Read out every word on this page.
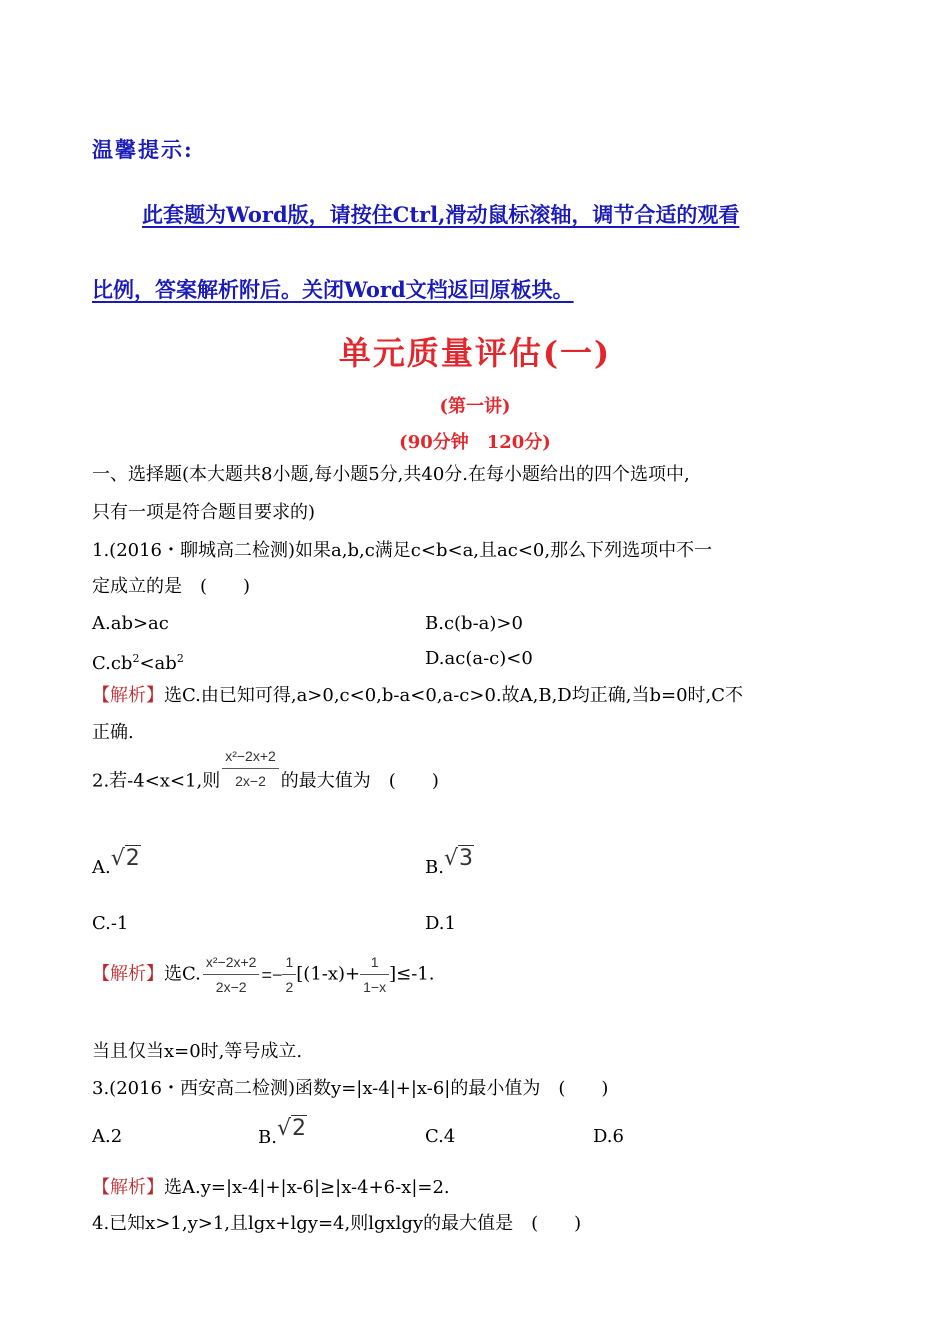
温馨提示:
此套题为Word版，请按住Ctrl,滑动鼠标滚轴，调节合适的观看
比例，答案解析附后。关闭Word文档返回原板块。
单元质量评估(一)
(第一讲)
(90分钟　120分)
一、选择题(本大题共8小题,每小题5分,共40分.在每小题给出的四个选项中,
只有一项是符合题目要求的)
1.(2016・聊城高二检测)如果a,b,c满足c<b<a,且ac<0,那么下列选项中不一
定成立的是　(　　)
A.ab>ac	B.c(b-a)>0
$C.cb^2<ab^2$	D.ac(a-c)<0
【解析】选C.由已知可得,a>0,c<0,b-a<0,a-c>0.故A,B,D均正确,当b=0时,C不
正确.
2.若-4<x<1,则 $\frac{\text{x²−2x+2}}{2x-2}$ 的最大值为　(　　)
A.√2	B.√3
C.-1	D.1
【解析】选C. $\frac{\text{x²−2x+2}}{2x-2} =- \frac{1}{2} [(1-x)+ \frac{1}{1-x} ]\le-1$.
当且仅当x=0时,等号成立.
3.(2016・西安高二检测)函数y=|x-4|+|x-6|的最小值为　(　　)
A.2	B.√2	C.4	D.6
【解析】选A.y=|x-4|+|x-6|≥|x-4+6-x|=2.
4.已知x>1,y>1,且lgx+lgy=4,则lgxlgy的最大值是　(　　)
